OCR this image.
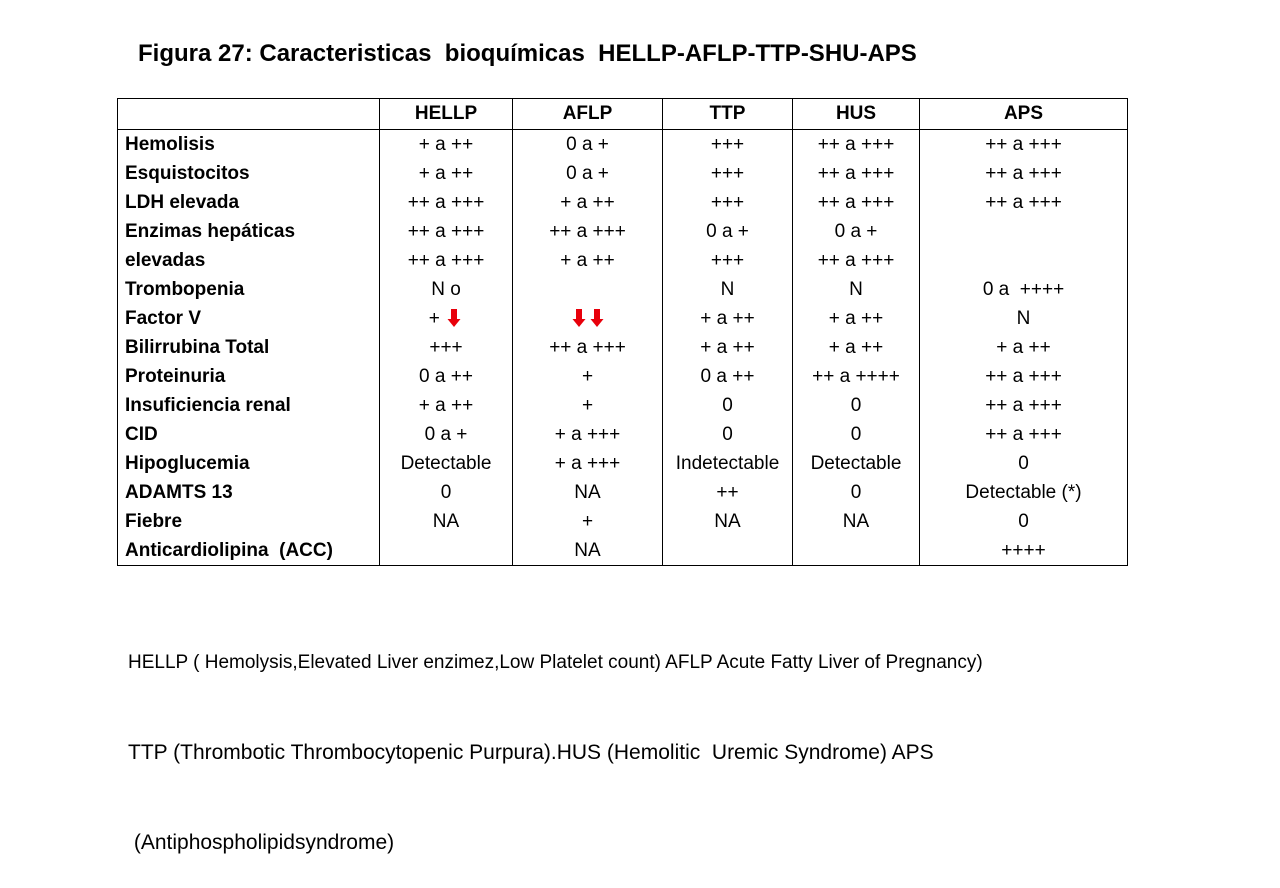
Figura 27: Caracteristicas  bioquímicas  HELLP-AFLP-TTP-SHU-APS
	HELLP	AFLP	TTP	HUS	APS
Hemolisis	+ a ++	0 a +	+++	++ a +++	++ a +++
Esquistocitos	+ a ++	0 a +	+++	++ a +++	++ a +++
LDH elevada	++ a +++	+ a ++	+++	++ a +++	++ a +++
Enzimas hepáticas	++ a +++	++ a +++	0 a +	0 a +	
elevadas	++ a +++	+ a ++	+++	++ a +++	
Trombopenia	N o		N	N	0 a  ++++
Factor V	+		+ a ++	+ a ++	N
Bilirrubina Total	+++	++ a +++	+ a ++	+ a ++	+ a ++
Proteinuria	0 a ++	+	0 a ++	++ a ++++	++ a +++
Insuficiencia renal	+ a ++	+	0	0	++ a +++
CID	0 a +	+ a +++	0	0	++ a +++
Hipoglucemia	Detectable	+ a +++	Indetectable	Detectable	0
ADAMTS 13	0	NA	++	0	Detectable (*)
Fiebre	NA	+	NA	NA	0
Anticardiolipina  (ACC)		NA			++++

HELLP ( Hemolysis,Elevated Liver enzimez,Low Platelet count) AFLP Acute Fatty Liver of Pregnancy)

TTP (Thrombotic Thrombocytopenic Purpura).HUS (Hemolitic  Uremic Syndrome) APS

(Antiphospholipidsyndrome)
